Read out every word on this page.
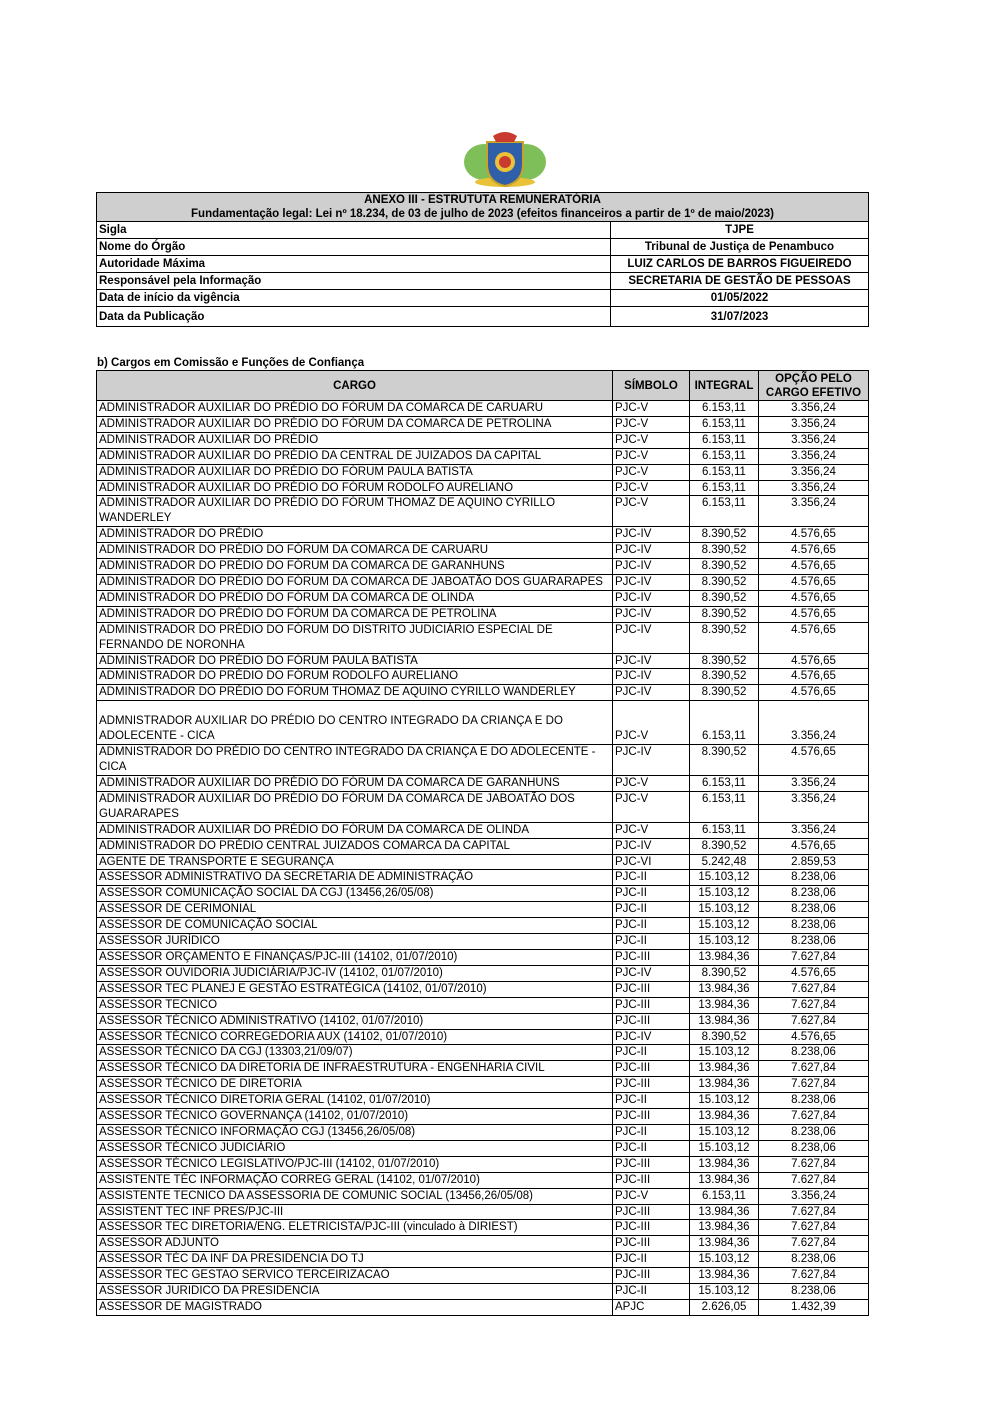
ANEXO III - ESTRUTUTA REMUNERATÓRIA	
Fundamentação legal: Lei nº 18.234, de 03 de julho de 2023 (efeitos financeiros a partir de 1º de maio/2023)	
Sigla	TJPE
Nome do Órgão	Tribunal de Justiça de Penambuco
Autoridade Máxima	LUIZ CARLOS DE BARROS FIGUEIREDO
Responsável pela Informação	SECRETARIA DE GESTÃO DE PESSOAS
Data de início da vigência	01/05/2022
Data da Publicação	31/07/2023
b) Cargos em Comissão e Funções de Confiança
CARGO	SÍMBOLO	INTEGRAL	OPÇÃO PELO
CARGO EFETIVO
ADMINISTRADOR AUXILIAR DO PRÉDIO DO FÓRUM DA COMARCA DE CARUARU	PJC-V	6.153,11	3.356,24
ADMINISTRADOR AUXILIAR DO PRÉDIO DO FÓRUM DA COMARCA DE PETROLINA	PJC-V	6.153,11	3.356,24
ADMINISTRADOR AUXILIAR DO PRÉDIO	PJC-V	6.153,11	3.356,24
ADMINISTRADOR AUXILIAR DO PRÉDIO DA CENTRAL DE JUIZADOS DA CAPITAL	PJC-V	6.153,11	3.356,24
ADMINISTRADOR AUXILIAR DO PRÉDIO DO FÓRUM PAULA BATISTA	PJC-V	6.153,11	3.356,24
ADMINISTRADOR AUXILIAR DO PRÉDIO DO FÓRUM RODOLFO AURELIANO	PJC-V	6.153,11	3.356,24
ADMINISTRADOR AUXILIAR DO PRÉDIO DO FÓRUM THOMAZ DE AQUINO CYRILLO WANDERLEY	PJC-V	6.153,11	3.356,24
ADMINISTRADOR DO PRÉDIO	PJC-IV	8.390,52	4.576,65
ADMINISTRADOR DO PRÉDIO DO FÓRUM DA COMARCA DE CARUARU	PJC-IV	8.390,52	4.576,65
ADMINISTRADOR DO PRÉDIO DO FÓRUM DA COMARCA DE GARANHUNS	PJC-IV	8.390,52	4.576,65
ADMINISTRADOR DO PRÉDIO DO FÓRUM DA COMARCA DE JABOATÃO DOS GUARARAPES	PJC-IV	8.390,52	4.576,65
ADMINISTRADOR DO PRÉDIO DO FÓRUM DA COMARCA DE OLINDA	PJC-IV	8.390,52	4.576,65
ADMINISTRADOR DO PRÉDIO DO FÓRUM DA COMARCA DE PETROLINA	PJC-IV	8.390,52	4.576,65
ADMINISTRADOR DO PRÉDIO DO FÓRUM DO DISTRITO JUDICIÁRIO ESPECIAL DE FERNANDO DE NORONHA	PJC-IV	8.390,52	4.576,65
ADMINISTRADOR DO PRÉDIO DO FÓRUM PAULA BATISTA	PJC-IV	8.390,52	4.576,65
ADMINISTRADOR DO PRÉDIO DO FÓRUM RODOLFO AURELIANO	PJC-IV	8.390,52	4.576,65
ADMINISTRADOR DO PRÉDIO DO FÓRUM THOMAZ DE AQUINO CYRILLO WANDERLEY	PJC-IV	8.390,52	4.576,65
ADMNISTRADOR AUXILIAR DO PRÉDIO DO CENTRO INTEGRADO DA CRIANÇA E DO ADOLECENTE - CICA	PJC-V	6.153,11	3.356,24
ADMNISTRADOR DO PRÉDIO DO CENTRO INTEGRADO DA CRIANÇA E DO ADOLECENTE - CICA	PJC-IV	8.390,52	4.576,65
ADMINISTRADOR AUXILIAR DO PRÉDIO DO FÓRUM DA COMARCA DE GARANHUNS	PJC-V	6.153,11	3.356,24
ADMINISTRADOR AUXILIAR DO PRÉDIO DO FÓRUM DA COMARCA DE JABOATÃO DOS GUARARAPES	PJC-V	6.153,11	3.356,24
ADMINISTRADOR AUXILIAR DO PRÉDIO DO FÓRUM DA COMARCA DE OLINDA	PJC-V	6.153,11	3.356,24
ADMINISTRADOR DO PRÉDIO CENTRAL JUIZADOS COMARCA DA CAPITAL	PJC-IV	8.390,52	4.576,65
AGENTE DE TRANSPORTE E SEGURANÇA	PJC-VI	5.242,48	2.859,53
ASSESSOR ADMINISTRATIVO DA SECRETARIA DE ADMINISTRAÇÃO	PJC-II	15.103,12	8.238,06
ASSESSOR COMUNICAÇÃO SOCIAL DA CGJ (13456,26/05/08)	PJC-II	15.103,12	8.238,06
ASSESSOR DE CERIMONIAL	PJC-II	15.103,12	8.238,06
ASSESSOR DE COMUNICAÇÃO SOCIAL	PJC-II	15.103,12	8.238,06
ASSESSOR JURÍDICO	PJC-II	15.103,12	8.238,06
ASSESSOR ORÇAMENTO E FINANÇAS/PJC-III (14102, 01/07/2010)	PJC-III	13.984,36	7.627,84
ASSESSOR OUVIDORIA JUDICIÁRIA/PJC-IV (14102, 01/07/2010)	PJC-IV	8.390,52	4.576,65
ASSESSOR TEC PLANEJ E GESTÃO ESTRATÉGICA (14102, 01/07/2010)	PJC-III	13.984,36	7.627,84
ASSESSOR TECNICO	PJC-III	13.984,36	7.627,84
ASSESSOR TÉCNICO ADMINISTRATIVO (14102, 01/07/2010)	PJC-III	13.984,36	7.627,84
ASSESSOR TÉCNICO CORREGEDORIA AUX (14102, 01/07/2010)	PJC-IV	8.390,52	4.576,65
ASSESSOR TÉCNICO DA CGJ (13303,21/09/07)	PJC-II	15.103,12	8.238,06
ASSESSOR TÉCNICO DA DIRETORIA DE INFRAESTRUTURA - ENGENHARIA CIVIL	PJC-III	13.984,36	7.627,84
ASSESSOR TÉCNICO DE DIRETORIA	PJC-III	13.984,36	7.627,84
ASSESSOR TÉCNICO DIRETORIA GERAL (14102, 01/07/2010)	PJC-II	15.103,12	8.238,06
ASSESSOR TÉCNICO GOVERNANÇA (14102, 01/07/2010)	PJC-III	13.984,36	7.627,84
ASSESSOR TÉCNICO INFORMAÇÃO CGJ (13456,26/05/08)	PJC-II	15.103,12	8.238,06
ASSESSOR TÉCNICO JUDICIÁRIO	PJC-II	15.103,12	8.238,06
ASSESSOR TÉCNICO LEGISLATIVO/PJC-III (14102, 01/07/2010)	PJC-III	13.984,36	7.627,84
ASSISTENTE TÉC INFORMAÇÃO CORREG GERAL (14102, 01/07/2010)	PJC-III	13.984,36	7.627,84
ASSISTENTE TECNICO DA ASSESSORIA DE COMUNIC SOCIAL (13456,26/05/08)	PJC-V	6.153,11	3.356,24
ASSISTENT TEC INF PRES/PJC-III	PJC-III	13.984,36	7.627,84
ASSESSOR TEC DIRETORIA/ENG. ELETRICISTA/PJC-III (vinculado à DIRIEST)	PJC-III	13.984,36	7.627,84
ASSESSOR ADJUNTO	PJC-III	13.984,36	7.627,84
ASSESSOR TÉC DA INF DA PRESIDENCIA DO TJ	PJC-II	15.103,12	8.238,06
ASSESSOR TEC GESTAO SERVICO TERCEIRIZACAO	PJC-III	13.984,36	7.627,84
ASSESSOR JURIDICO DA PRESIDENCIA	PJC-II	15.103,12	8.238,06
ASSESSOR DE MAGISTRADO	APJC	2.626,05	1.432,39
